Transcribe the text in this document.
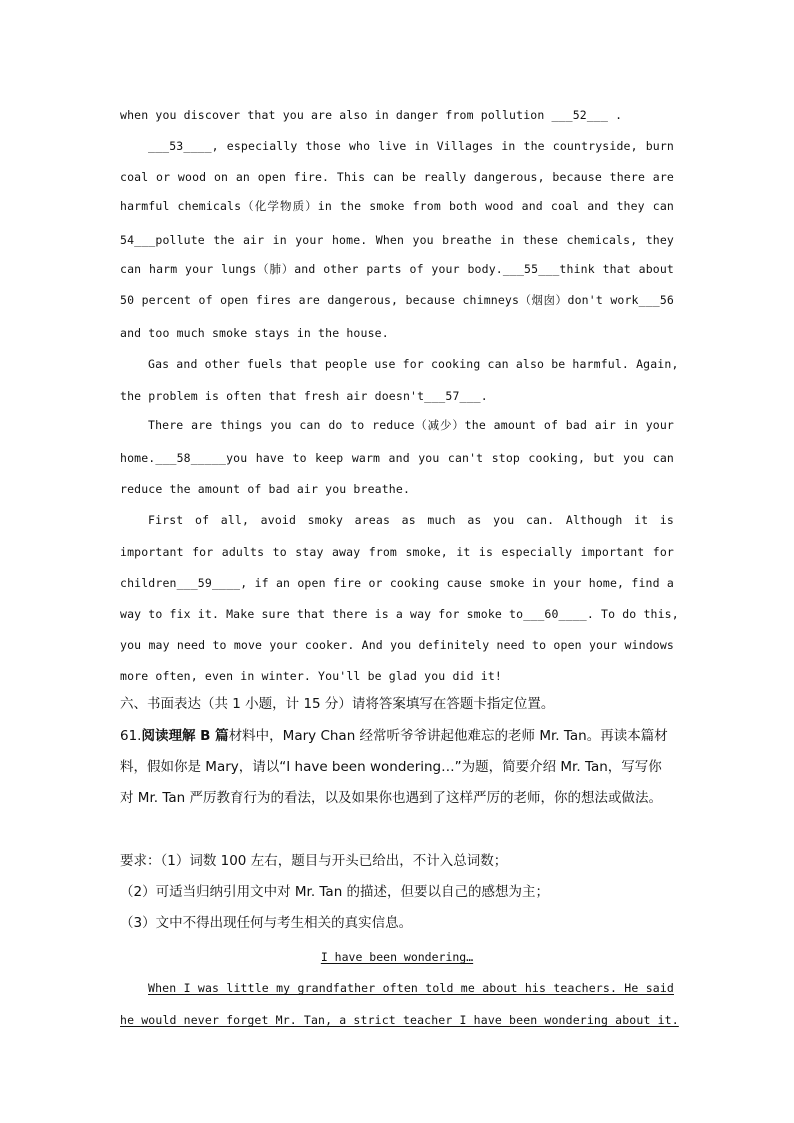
when you discover that you are also in danger from pollution ___52___ .
___53____, especially those who live in Villages in the countryside, burn
coal or wood on an open fire. This can be really dangerous, because there are
harmful chemicals（化学物质）in the smoke from both wood and coal and they can
54___pollute the air in your home. When you breathe in these chemicals, they
can harm your lungs（肺）and other parts of your body.___55___think that about
50 percent of open fires are dangerous, because chimneys（烟囱）don't work___56
and too much smoke stays in the house.
Gas and other fuels that people use for cooking can also be harmful. Again,
the problem is often that fresh air doesn't___57___.
There are things you can do to reduce（减少）the amount of bad air in your
home.___58_____you have to keep warm and you can't stop cooking, but you can
reduce the amount of bad air you breathe.
First of all, avoid smoky areas as much as you can. Although it is
important for adults to stay away from smoke, it is especially important for
children___59____, if an open fire or cooking cause smoke in your home, find a
way to fix it. Make sure that there is a way for smoke to___60____. To do this,
you may need to move your cooker. And you definitely need to open your windows
more often, even in winter. You'll be glad you did it!
六、书面表达（共 1 小题，计 15 分）请将答案填写在答题卡指定位置。
61.阅读理解 B 篇材料中，Mary Chan 经常听爷爷讲起他难忘的老师 Mr. Tan。再读本篇材
料，假如你是 Mary，请以“I have been wondering…”为题，简要介绍 Mr. Tan，写写你
对 Mr. Tan 严厉教育行为的看法，以及如果你也遇到了这样严厉的老师，你的想法或做法。
要求：（1）词数 100 左右，题目与开头已给出，不计入总词数；
（2）可适当归纳引用文中对 Mr. Tan 的描述，但要以自己的感想为主；
（3）文中不得出现任何与考生相关的真实信息。
I have been wondering…
When I was little my grandfather often told me about his teachers. He said
he would never forget Mr. Tan, a strict teacher I have been wondering about it.
